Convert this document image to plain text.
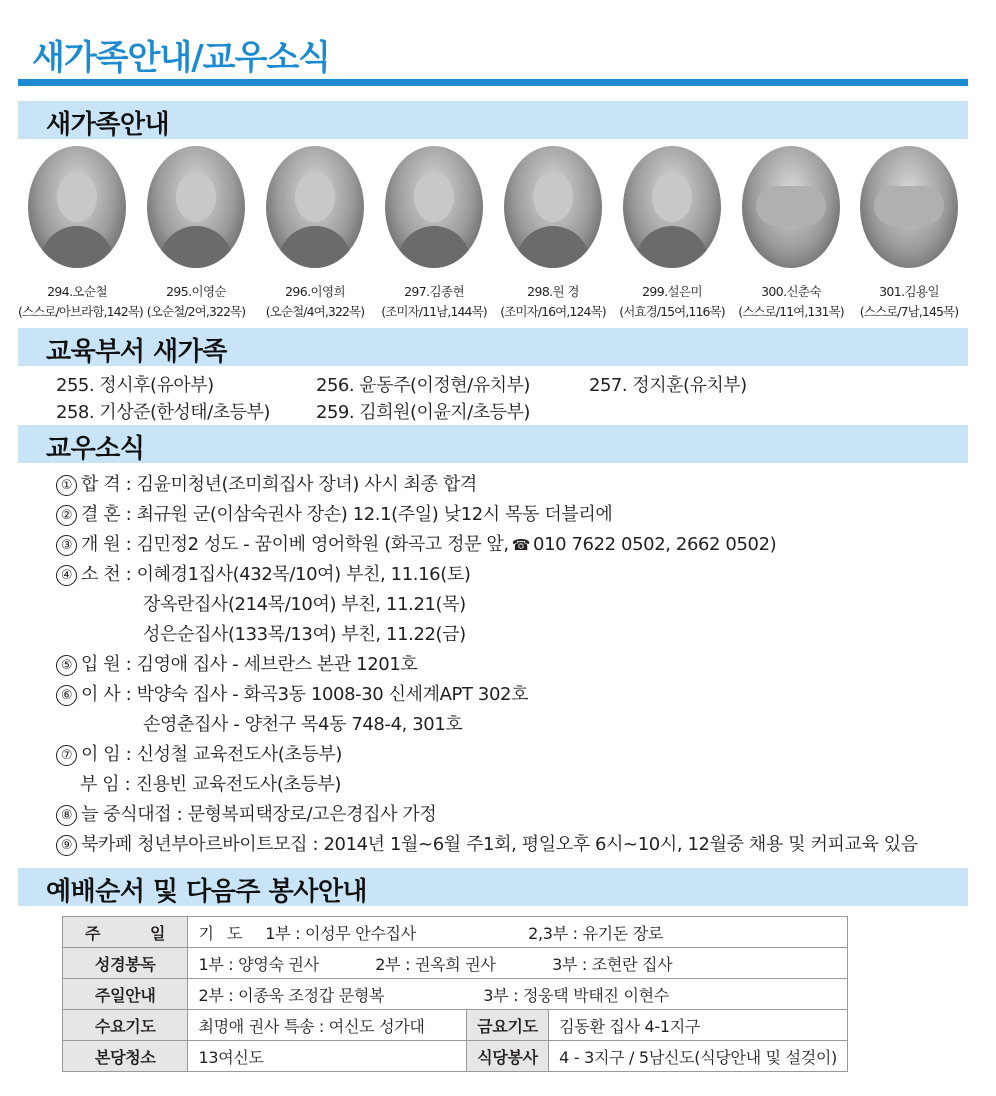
새가족안내/교우소식
새가족안내
294.오순철
(스스로/아브라함,142목)
295.이영순
(오순철/2여,322목)
296.이영희
(오순철/4여,322목)
297.김종현
(조미자/11남,144목)
298.원 경
(조미자/16여,124목)
299.설은미
(서효경/15여,116목)
300.신춘숙
(스스로/11여,131목)
301.김용일
(스스로/7남,145목)
교육부서 새가족
255. 정시후(유아부)	256. 윤동주(이정현/유치부)	257. 정지훈(유치부)
258. 기상준(한성태/초등부)	259. 김희원(이윤지/초등부)
교우소식
① 합 격 : 김윤미청년(조미희집사 장녀) 사시 최종 합격
② 결 혼 : 최규원 군(이삼숙권사 장손) 12.1(주일) 낮12시 목동 더블리에
③ 개 원 : 김민정2 성도 - 꿈이베 영어학원 (화곡고 정문 앞, ☎ 010 7622 0502, 2662 0502)
④ 소 천 : 이혜경1집사(432목/10여) 부친, 11.16(토)
장옥란집사(214목/10여) 부친, 11.21(목)
성은순집사(133목/13여) 부친, 11.22(금)
⑤ 입 원 : 김영애 집사 - 세브란스 본관 1201호
⑥ 이 사 : 박양숙 집사 - 화곡3동 1008-30 신세계APT 302호
손영춘집사 - 양천구 목4동 748-4, 301호
⑦ 이 임 : 신성철 교육전도사(초등부)
부 임 : 진용빈 교육전도사(초등부)
⑧ 늘 중식대접 : 문형복피택장로/고은경집사 가정
⑨ 북카페 청년부아르바이트모집 : 2014년 1월~6월 주1회, 평일오후 6시~10시, 12월중 채용 및 커피교육 있음
예배순서 및 다음주 봉사안내
주 일	기 도 1부 : 이성무 안수집사 2,3부 : 유기돈 장로		
성경봉독	1부 : 양영숙 권사 2부 : 권옥희 권사 3부 : 조현란 집사		
주일안내	2부 : 이종욱 조정갑 문형복 3부 : 정웅택 박태진 이현수		
수요기도	최명애 권사 특송 : 여신도 성가대	금요기도	김동환 집사 4-1지구
본당청소	13여신도	식당봉사	4 - 3지구 / 5남신도(식당안내 및 설겆이)
